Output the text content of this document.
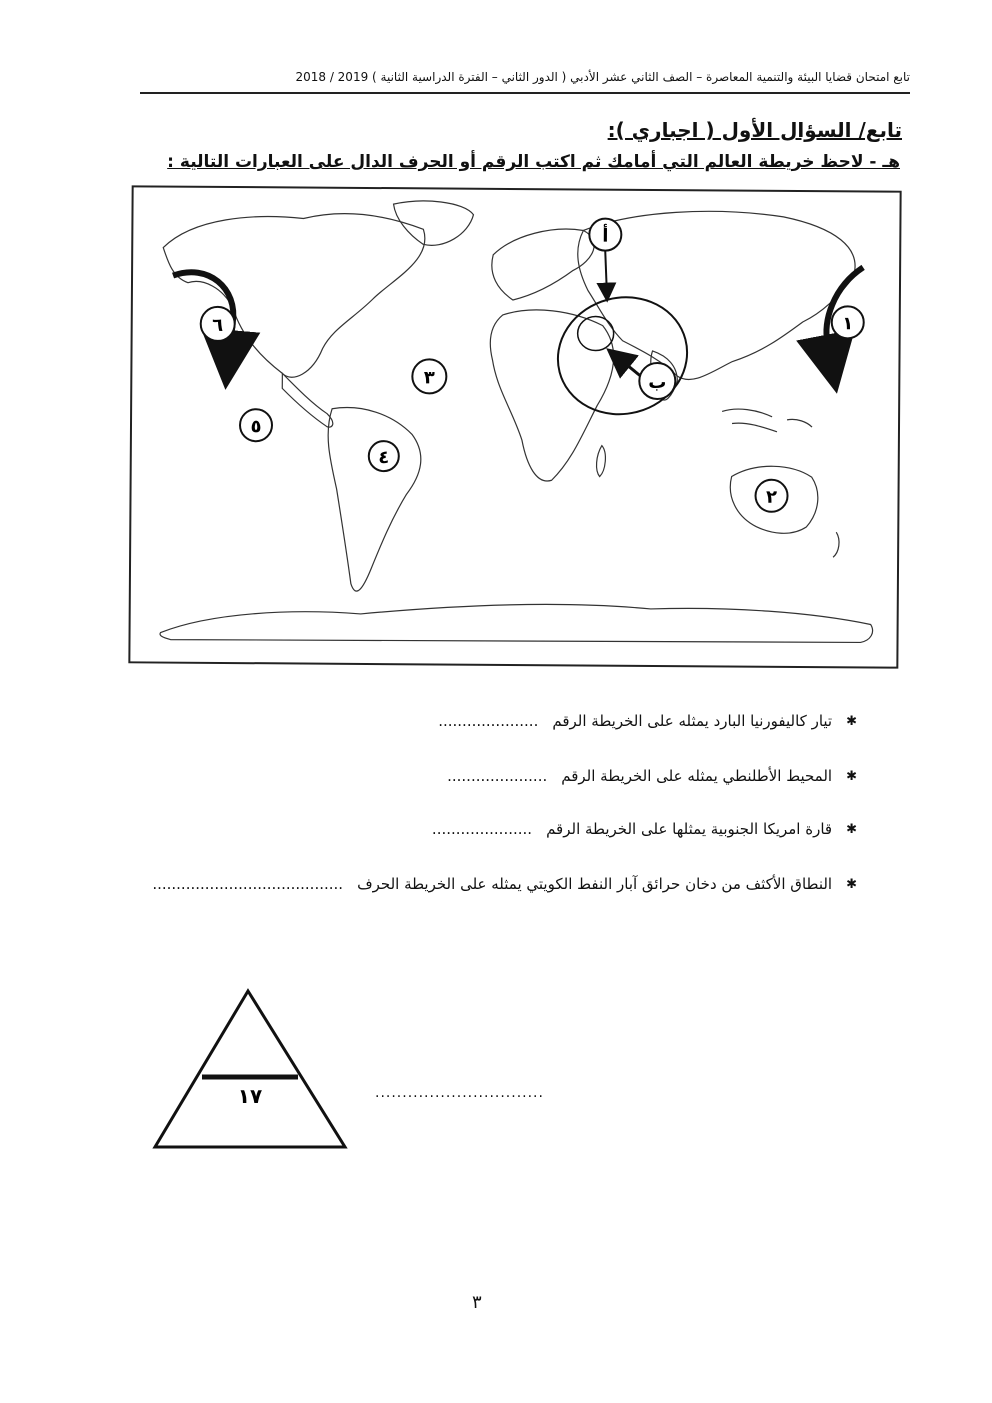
تابع امتحان قضايا البيئة والتنمية المعاصرة – الصف الثاني عشر الأدبي ( الدور الثاني – الفترة الدراسية الثانية ) 2019 / 2018
تابع/ السؤال الأول ( اجباري ):
هـ - لاحظ خريطة العالم التي أمامك ثم اكتب الرقم أو الحرف الدال على العبارات التالية :
١
٢
٣
٤
٥
٦
أ
ب
✱
تيار كاليفورنيا البارد يمثله على الخريطة الرقم
.....................
✱
المحيط الأطلنطي يمثله على الخريطة الرقم
.....................
✱
قارة امريكا الجنوبية يمثلها على الخريطة الرقم
.....................
✱
النطاق الأكثف من دخان حرائق آبار النفط الكويتي يمثله على الخريطة الحرف
........................................
١٧	...............................
٣
